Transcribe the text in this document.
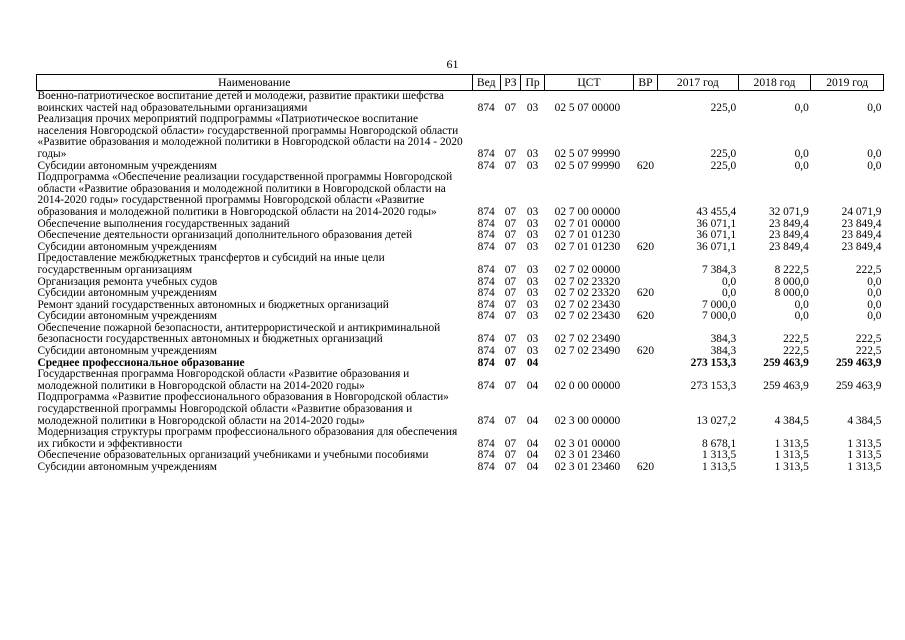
61
Наименование	Вед	РЗ	Пр	ЦСТ	ВР	2017 год	2018 год	2019 год
Военно-патриотическое воспитание детей и молодежи, развитие практики шефства воинских частей над образовательными организациями	874	07	03	02 5 07 00000		225,0	0,0	0,0
Реализация прочих мероприятий подпрограммы «Патриотическое воспитание населения Новгородской области» государственной программы Новгородской области «Развитие образования и молодежной политики в Новгородской области на 2014 - 2020 годы»	874	07	03	02 5 07 99990		225,0	0,0	0,0
Субсидии автономным учреждениям	874	07	03	02 5 07 99990	620	225,0	0,0	0,0
Подпрограмма «Обеспечение реализации государственной программы Новгородской области «Развитие образования и молодежной политики в Новгородской области на 2014-2020 годы» государственной программы Новгородской области «Развитие образования и молодежной политики в Новгородской области на 2014-2020 годы»	874	07	03	02 7 00 00000		43 455,4	32 071,9	24 071,9
Обеспечение выполнения государственных заданий	874	07	03	02 7 01 00000		36 071,1	23 849,4	23 849,4
Обеспечение деятельности организаций дополнительного образования детей	874	07	03	02 7 01 01230		36 071,1	23 849,4	23 849,4
Субсидии автономным учреждениям	874	07	03	02 7 01 01230	620	36 071,1	23 849,4	23 849,4
Предоставление межбюджетных трансфертов и субсидий на иные цели государственным организациям	874	07	03	02 7 02 00000		7 384,3	8 222,5	222,5
Организация ремонта учебных судов	874	07	03	02 7 02 23320		0,0	8 000,0	0,0
Субсидии автономным учреждениям	874	07	03	02 7 02 23320	620	0,0	8 000,0	0,0
Ремонт зданий государственных автономных и бюджетных организаций	874	07	03	02 7 02 23430		7 000,0	0,0	0,0
Субсидии автономным учреждениям	874	07	03	02 7 02 23430	620	7 000,0	0,0	0,0
Обеспечение пожарной безопасности, антитеррористической и антикриминальной безопасности государственных автономных и бюджетных организаций	874	07	03	02 7 02 23490		384,3	222,5	222,5
Субсидии автономным учреждениям	874	07	03	02 7 02 23490	620	384,3	222,5	222,5
Среднее профессиональное образование	874	07	04			273 153,3	259 463,9	259 463,9
Государственная программа Новгородской области «Развитие образования и молодежной политики в Новгородской области на 2014-2020 годы»	874	07	04	02 0 00 00000		273 153,3	259 463,9	259 463,9
Подпрограмма «Развитие профессионального образования в Новгородской области» государственной программы Новгородской области «Развитие образования и молодежной политики в Новгородской области на 2014-2020 годы»	874	07	04	02 3 00 00000		13 027,2	4 384,5	4 384,5
Модернизация структуры программ профессионального образования для обеспечения их гибкости и эффективности	874	07	04	02 3 01 00000		8 678,1	1 313,5	1 313,5
Обеспечение образовательных организаций учебниками и учебными пособиями	874	07	04	02 3 01 23460		1 313,5	1 313,5	1 313,5
Субсидии автономным учреждениям	874	07	04	02 3 01 23460	620	1 313,5	1 313,5	1 313,5
